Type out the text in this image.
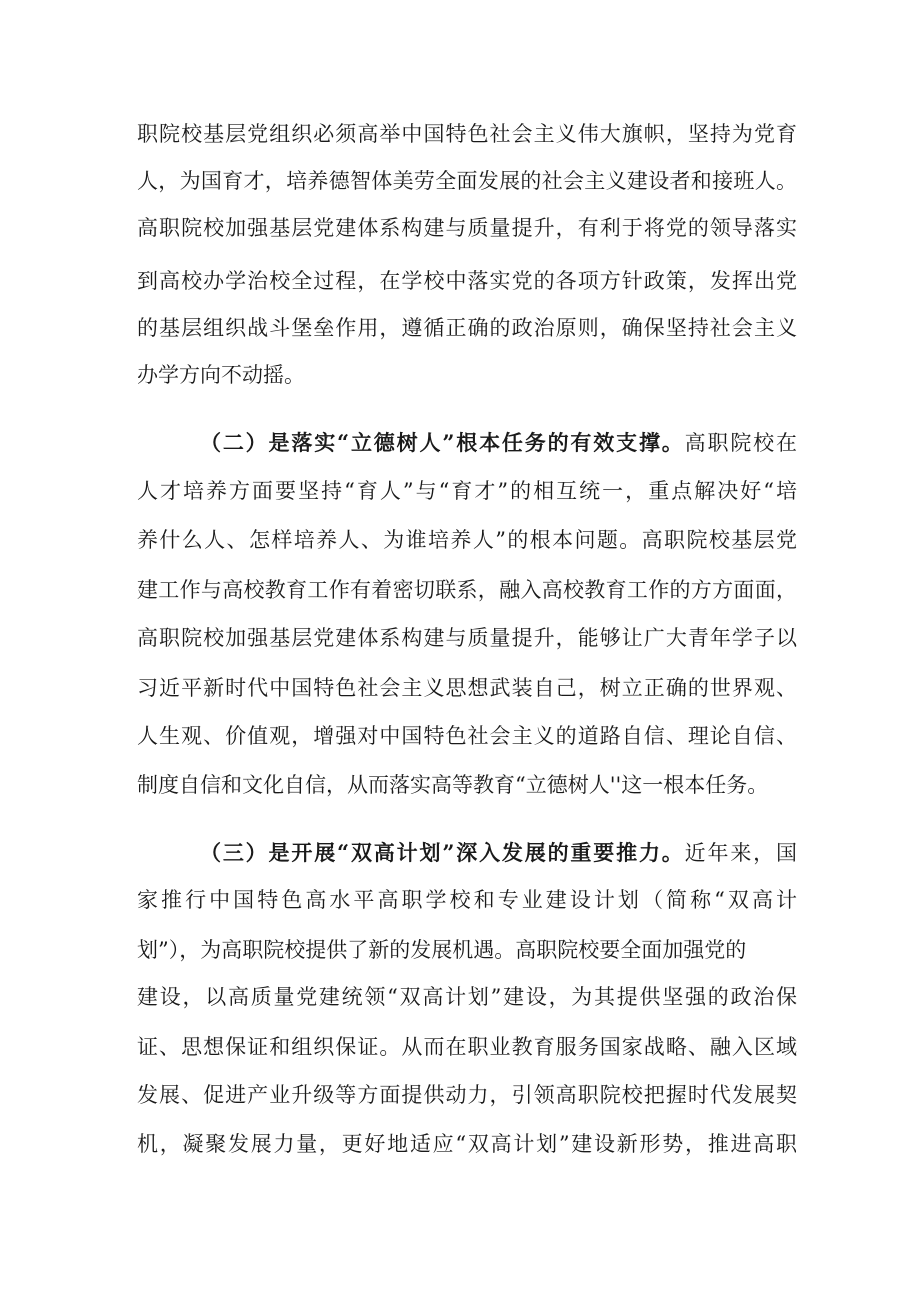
职院校基层党组织必须高举中国特色社会主义伟大旗帜，坚持为党育
人，为国育才，培养德智体美劳全面发展的社会主义建设者和接班人。
高职院校加强基层党建体系构建与质量提升，有利于将党的领导落实
到高校办学治校全过程，在学校中落实党的各项方针政策，发挥出党
的基层组织战斗堡垒作用，遵循正确的政治原则，确保坚持社会主义
办学方向不动摇。
（二）是落实“立德树人”根本任务的有效支撑。高职院校在
人才培养方面要坚持“育人”与“育才”的相互统一，重点解决好“培
养什么人、怎样培养人、为谁培养人”的根本问题。高职院校基层党
建工作与高校教育工作有着密切联系，融入高校教育工作的方方面面，
高职院校加强基层党建体系构建与质量提升，能够让广大青年学子以
习近平新时代中国特色社会主义思想武装自己，树立正确的世界观、
人生观、价值观，增强对中国特色社会主义的道路自信、理论自信、
制度自信和文化自信，从而落实高等教育“立德树人''这一根本任务。
（三）是开展“双高计划”深入发展的重要推力。近年来，国
家推行中国特色高水平高职学校和专业建设计划（简称“双高计
划”），为高职院校提供了新的发展机遇。高职院校要全面加强党的
建设，以高质量党建统领“双高计划”建设，为其提供坚强的政治保
证、思想保证和组织保证。从而在职业教育服务国家战略、融入区域
发展、促进产业升级等方面提供动力，引领高职院校把握时代发展契
机，凝聚发展力量，更好地适应“双高计划”建设新形势，推进高职
